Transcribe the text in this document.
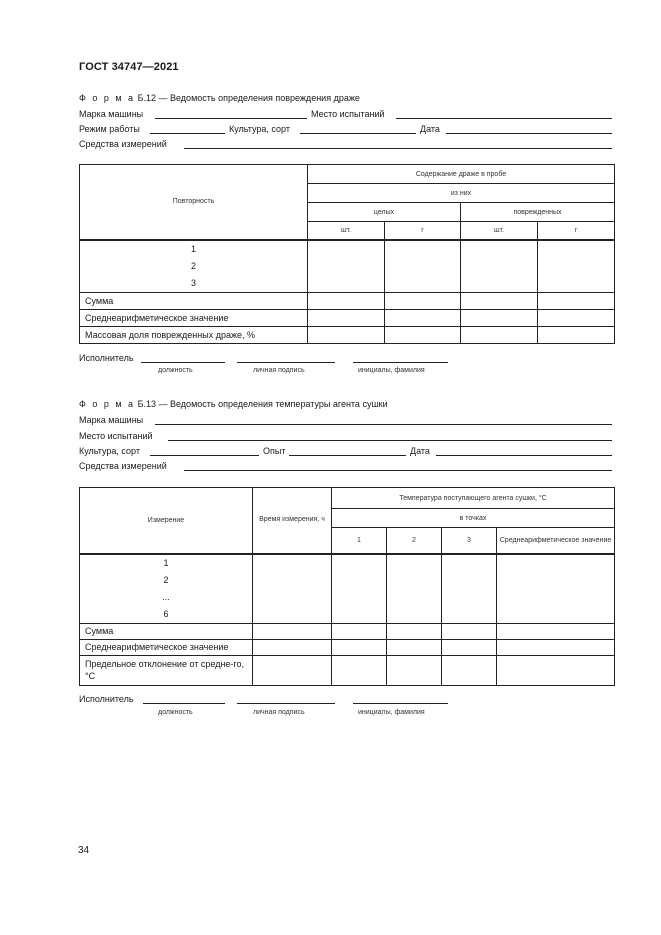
ГОСТ 34747—2021
Ф о р м а Б.12 — Ведомость определения повреждения драже
Марка машины	Место испытаний
Режим работы	Культура, сорт	Дата
Средства измерений
Повторность	Содержание драже в пробе			
	из них			
	целых		поврежденных	
	шт.	г	шт.	г

1
2
3				

Сумма				
Среднеарифметическое значение				
Массовая доля поврежденных драже, %				
Исполнитель
должность	личная подпись	инициалы, фамилия
Ф о р м а Б.13 — Ведомость определения температуры агента сушки
Марка машины
Место испытаний
Культура, сорт	Опыт	Дата
Средства измерений
Измерение	Время измерения, ч	Температура поступающего агента сушки, °С			
		в точках			
		1	2	3	Среднеарифметическое значение

1
2
...
6					

Сумма					
Среднеарифметическое значение					
Предельное отклонение от средне-го, °С					
Исполнитель
должность	личная подпись	инициалы, фамилия
34
